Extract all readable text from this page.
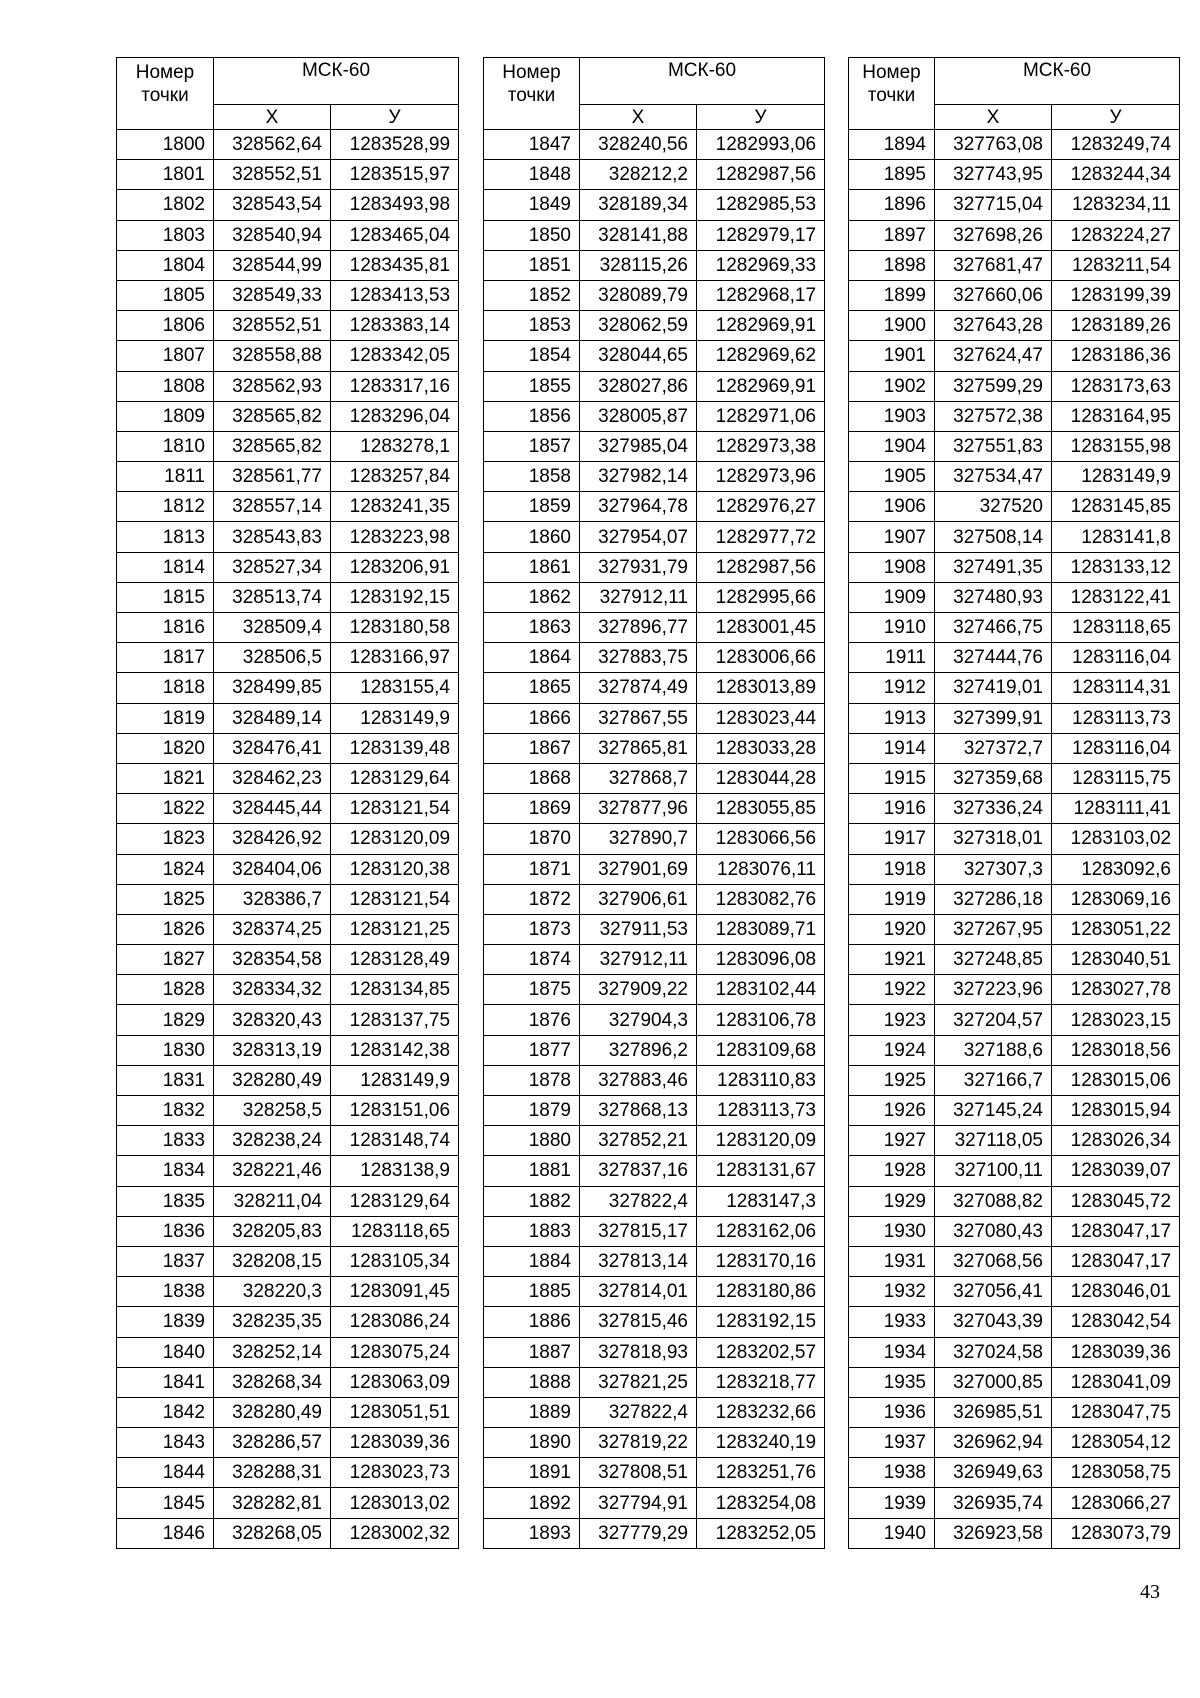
Номер точки	МСК-60	
	X	У
1800	328562,64	1283528,99
1801	328552,51	1283515,97
1802	328543,54	1283493,98
1803	328540,94	1283465,04
1804	328544,99	1283435,81
1805	328549,33	1283413,53
1806	328552,51	1283383,14
1807	328558,88	1283342,05
1808	328562,93	1283317,16
1809	328565,82	1283296,04
1810	328565,82	1283278,1
1811	328561,77	1283257,84
1812	328557,14	1283241,35
1813	328543,83	1283223,98
1814	328527,34	1283206,91
1815	328513,74	1283192,15
1816	328509,4	1283180,58
1817	328506,5	1283166,97
1818	328499,85	1283155,4
1819	328489,14	1283149,9
1820	328476,41	1283139,48
1821	328462,23	1283129,64
1822	328445,44	1283121,54
1823	328426,92	1283120,09
1824	328404,06	1283120,38
1825	328386,7	1283121,54
1826	328374,25	1283121,25
1827	328354,58	1283128,49
1828	328334,32	1283134,85
1829	328320,43	1283137,75
1830	328313,19	1283142,38
1831	328280,49	1283149,9
1832	328258,5	1283151,06
1833	328238,24	1283148,74
1834	328221,46	1283138,9
1835	328211,04	1283129,64
1836	328205,83	1283118,65
1837	328208,15	1283105,34
1838	328220,3	1283091,45
1839	328235,35	1283086,24
1840	328252,14	1283075,24
1841	328268,34	1283063,09
1842	328280,49	1283051,51
1843	328286,57	1283039,36
1844	328288,31	1283023,73
1845	328282,81	1283013,02
1846	328268,05	1283002,32
Номер точки	МСК-60	
	X	У
1847	328240,56	1282993,06
1848	328212,2	1282987,56
1849	328189,34	1282985,53
1850	328141,88	1282979,17
1851	328115,26	1282969,33
1852	328089,79	1282968,17
1853	328062,59	1282969,91
1854	328044,65	1282969,62
1855	328027,86	1282969,91
1856	328005,87	1282971,06
1857	327985,04	1282973,38
1858	327982,14	1282973,96
1859	327964,78	1282976,27
1860	327954,07	1282977,72
1861	327931,79	1282987,56
1862	327912,11	1282995,66
1863	327896,77	1283001,45
1864	327883,75	1283006,66
1865	327874,49	1283013,89
1866	327867,55	1283023,44
1867	327865,81	1283033,28
1868	327868,7	1283044,28
1869	327877,96	1283055,85
1870	327890,7	1283066,56
1871	327901,69	1283076,11
1872	327906,61	1283082,76
1873	327911,53	1283089,71
1874	327912,11	1283096,08
1875	327909,22	1283102,44
1876	327904,3	1283106,78
1877	327896,2	1283109,68
1878	327883,46	1283110,83
1879	327868,13	1283113,73
1880	327852,21	1283120,09
1881	327837,16	1283131,67
1882	327822,4	1283147,3
1883	327815,17	1283162,06
1884	327813,14	1283170,16
1885	327814,01	1283180,86
1886	327815,46	1283192,15
1887	327818,93	1283202,57
1888	327821,25	1283218,77
1889	327822,4	1283232,66
1890	327819,22	1283240,19
1891	327808,51	1283251,76
1892	327794,91	1283254,08
1893	327779,29	1283252,05
Номер точки	МСК-60	
	X	У
1894	327763,08	1283249,74
1895	327743,95	1283244,34
1896	327715,04	1283234,11
1897	327698,26	1283224,27
1898	327681,47	1283211,54
1899	327660,06	1283199,39
1900	327643,28	1283189,26
1901	327624,47	1283186,36
1902	327599,29	1283173,63
1903	327572,38	1283164,95
1904	327551,83	1283155,98
1905	327534,47	1283149,9
1906	327520	1283145,85
1907	327508,14	1283141,8
1908	327491,35	1283133,12
1909	327480,93	1283122,41
1910	327466,75	1283118,65
1911	327444,76	1283116,04
1912	327419,01	1283114,31
1913	327399,91	1283113,73
1914	327372,7	1283116,04
1915	327359,68	1283115,75
1916	327336,24	1283111,41
1917	327318,01	1283103,02
1918	327307,3	1283092,6
1919	327286,18	1283069,16
1920	327267,95	1283051,22
1921	327248,85	1283040,51
1922	327223,96	1283027,78
1923	327204,57	1283023,15
1924	327188,6	1283018,56
1925	327166,7	1283015,06
1926	327145,24	1283015,94
1927	327118,05	1283026,34
1928	327100,11	1283039,07
1929	327088,82	1283045,72
1930	327080,43	1283047,17
1931	327068,56	1283047,17
1932	327056,41	1283046,01
1933	327043,39	1283042,54
1934	327024,58	1283039,36
1935	327000,85	1283041,09
1936	326985,51	1283047,75
1937	326962,94	1283054,12
1938	326949,63	1283058,75
1939	326935,74	1283066,27
1940	326923,58	1283073,79
43
